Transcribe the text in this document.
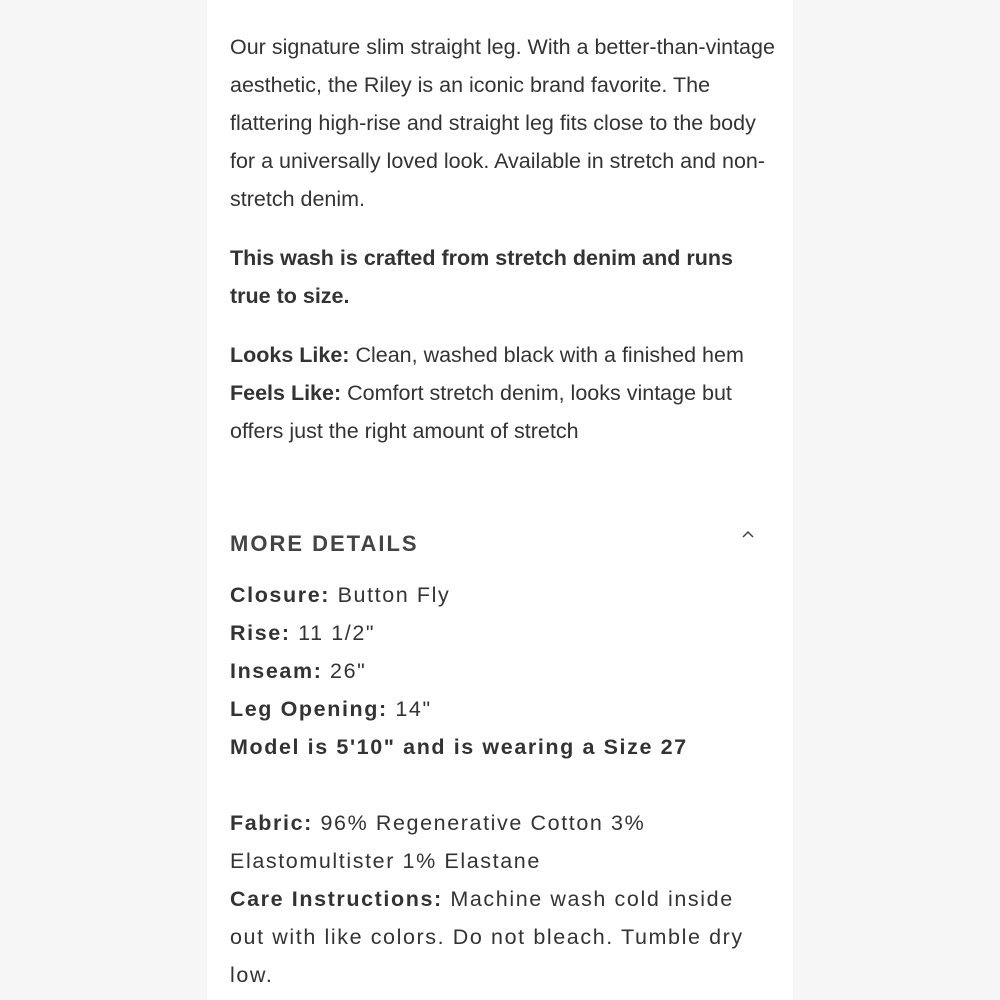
Our signature slim straight leg. With a better-than-vintage aesthetic, the Riley is an iconic brand favorite. The flattering high-rise and straight leg fits close to the body for a universally loved look. Available in stretch and non-stretch denim.

This wash is crafted from stretch denim and runs true to size.

Looks Like: Clean, washed black with a finished hem
Feels Like: Comfort stretch denim, looks vintage but offers just the right amount of stretch

MORE DETAILS
Closure: Button Fly
Rise: 11 1/2"
Inseam: 26"
Leg Opening: 14"
Model is 5'10" and is wearing a Size 27
Fabric: 96% Regenerative Cotton 3% Elastomultister 1% Elastane
Care Instructions: Machine wash cold inside out with like colors. Do not bleach. Tumble dry low.
